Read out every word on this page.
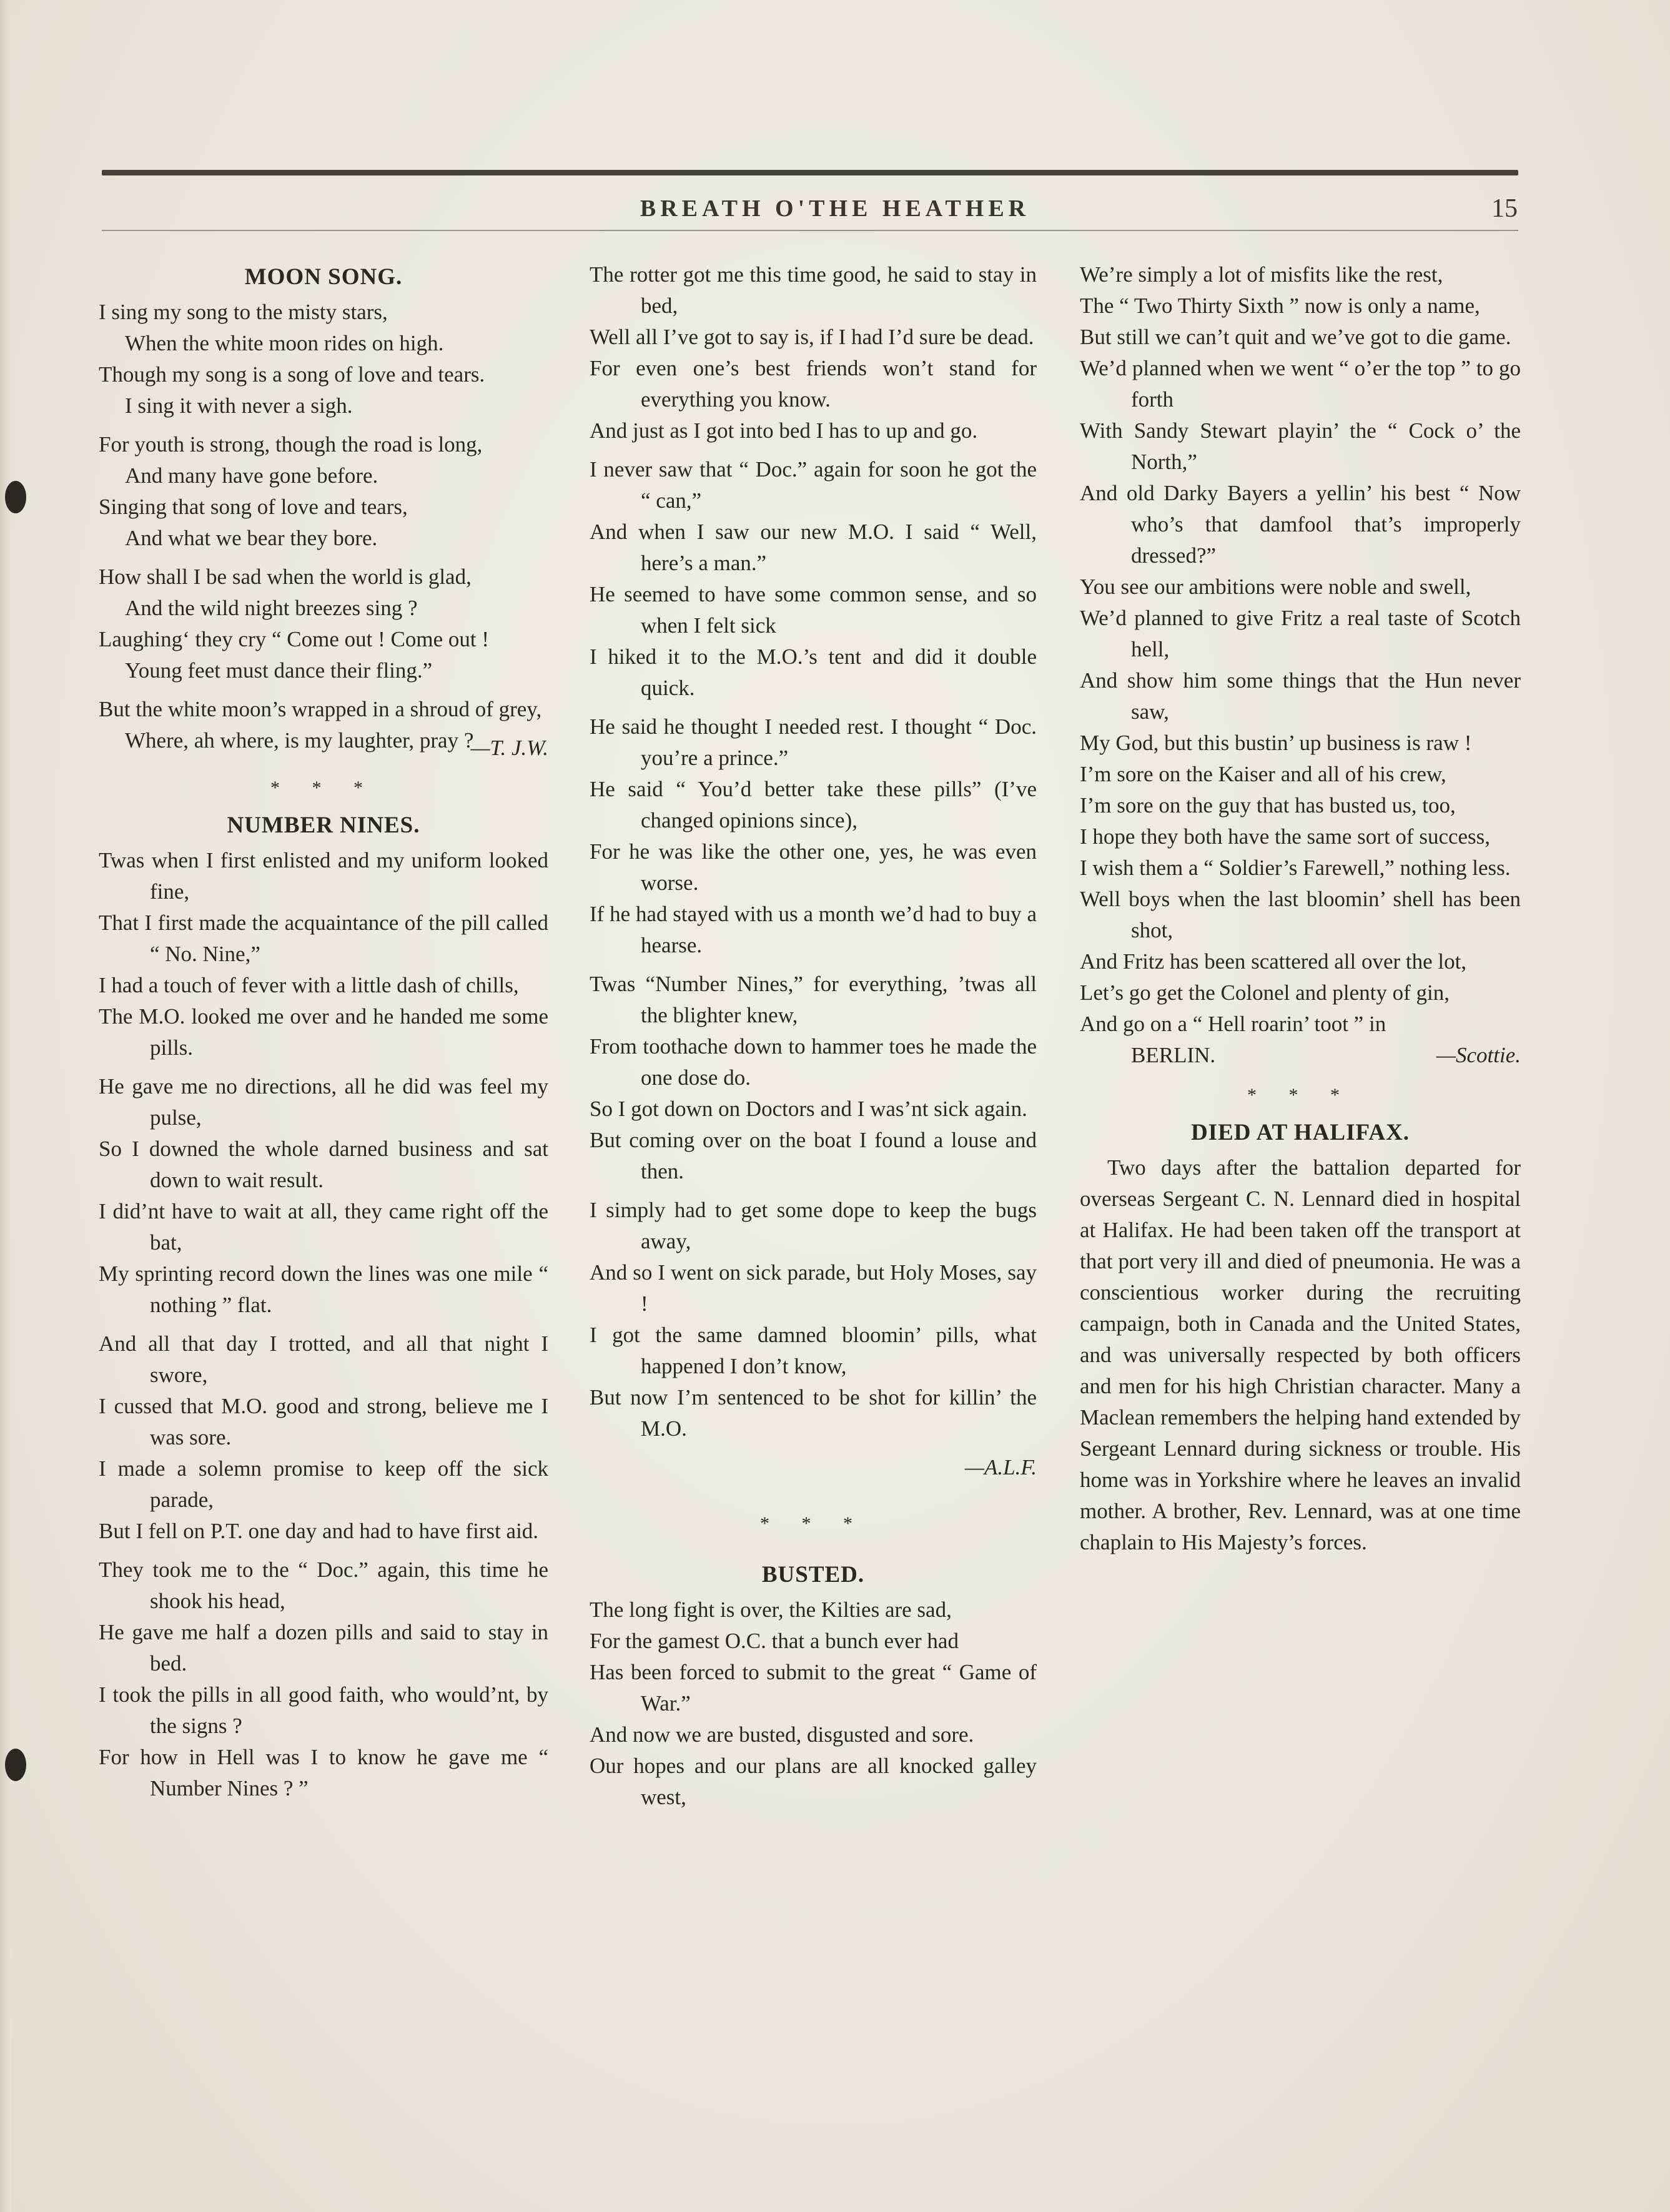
BREATH O'THE HEATHER	15
MOON SONG.
I sing my song to the misty stars,
When the white moon rides on high.
Though my song is a song of love and tears.
I sing it with never a sigh.
For youth is strong, though the road is long,
And many have gone before.
Singing that song of love and tears,
And what we bear they bore.
How shall I be sad when the world is glad,
And the wild night breezes sing ?
Laughing‘ they cry “ Come out ! Come out !
Young feet must dance their fling.”
But the white moon’s wrapped in a shroud of grey,
Where, ah where, is my laughter, pray ?
—T. J.W.
* * *
NUMBER NINES.
Twas when I first enlisted and my uniform looked fine,
That I first made the acquaintance of the pill called “ No. Nine,”
I had a touch of fever with a little dash of chills,
The M.O. looked me over and he handed me some pills.
He gave me no directions, all he did was feel my pulse,
So I downed the whole darned business and sat down to wait result.
I did’nt have to wait at all, they came right off the bat,
My sprinting record down the lines was one mile “ nothing ” flat.
And all that day I trotted, and all that night I swore,
I cussed that M.O. good and strong, believe me I was sore.
I made a solemn promise to keep off the sick parade,
But I fell on P.T. one day and had to have first aid.
They took me to the “ Doc.” again, this time he shook his head,
He gave me half a dozen pills and said to stay in bed.
I took the pills in all good faith, who would’nt, by the signs ?
For how in Hell was I to know he gave me “ Number Nines ? ”
The rotter got me this time good, he said to stay in bed,
Well all I’ve got to say is, if I had I’d sure be dead.
For even one’s best friends won’t stand for everything you know.
And just as I got into bed I has to up and go.
I never saw that “ Doc.” again for soon he got the “ can,”
And when I saw our new M.O. I said “ Well, here’s a man.”
He seemed to have some common sense, and so when I felt sick
I hiked it to the M.O.’s tent and did it double quick.
He said he thought I needed rest. I thought “ Doc. you’re a prince.”
He said “ You’d better take these pills” (I’ve changed opinions since),
For he was like the other one, yes, he was even worse.
If he had stayed with us a month we’d had to buy a hearse.
Twas “Number Nines,” for everything, ’twas all the blighter knew,
From toothache down to hammer toes he made the one dose do.
So I got down on Doctors and I was’nt sick again.
But coming over on the boat I found a louse and then.
I simply had to get some dope to keep the bugs away,
And so I went on sick parade, but Holy Moses, say !
I got the same damned bloomin’ pills, what happened I don’t know,
But now I’m sentenced to be shot for killin’ the M.O.
—A.L.F.
* * *
BUSTED.
The long fight is over, the Kilties are sad,
For the gamest O.C. that a bunch ever had
Has been forced to submit to the great “ Game of War.”
And now we are busted, disgusted and sore.
Our hopes and our plans are all knocked galley west,
We’re simply a lot of misfits like the rest,
The “ Two Thirty Sixth ” now is only a name,
But still we can’t quit and we’ve got to die game.
We’d planned when we went “ o’er the top ” to go forth
With Sandy Stewart playin’ the “ Cock o’ the North,”
And old Darky Bayers a yellin’ his best “ Now who’s that damfool that’s improperly dressed?”
You see our ambitions were noble and swell,
We’d planned to give Fritz a real taste of Scotch hell,
And show him some things that the Hun never saw,
My God, but this bustin’ up business is raw !
I’m sore on the Kaiser and all of his crew,
I’m sore on the guy that has busted us, too,
I hope they both have the same sort of success,
I wish them a “ Soldier’s Farewell,” nothing less.
Well boys when the last bloomin’ shell has been shot,
And Fritz has been scattered all over the lot,
Let’s go get the Colonel and plenty of gin,
And go on a “ Hell roarin’ toot ” in
BERLIN.	—Scottie.
* * *
DIED AT HALIFAX.

Two days after the battalion departed for overseas Sergeant C. N. Lennard died in hospital at Halifax. He had been taken off the transport at that port very ill and died of pneumonia. He was a conscientious worker during the recruiting campaign, both in Canada and the United States, and was universally respected by both officers and men for his high Christian character. Many a Maclean remembers the helping hand extended by Sergeant Lennard during sickness or trouble. His home was in Yorkshire where he leaves an invalid mother. A brother, Rev. Lennard, was at one time chaplain to His Majesty’s forces.
